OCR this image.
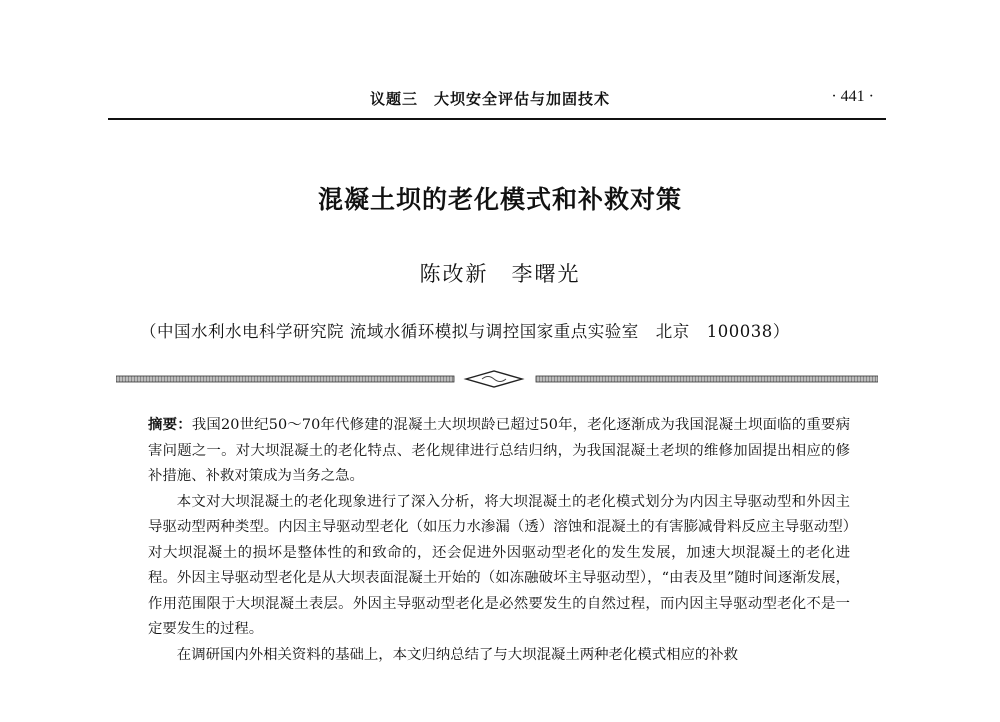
议题三　大坝安全评估与加固技术	· 441 ·
混凝土坝的老化模式和补救对策
陈改新　李曙光
（中国水利水电科学研究院 流域水循环模拟与调控国家重点实验室　北京　100038）

摘要：我国20世纪50～70年代修建的混凝土大坝坝龄已超过50年，老化逐渐成为我国混凝土坝面临的重要病害问题之一。对大坝混凝土的老化特点、老化规律进行总结归纳，为我国混凝土老坝的维修加固提出相应的修补措施、补救对策成为当务之急。

本文对大坝混凝土的老化现象进行了深入分析，将大坝混凝土的老化模式划分为内因主导驱动型和外因主导驱动型两种类型。内因主导驱动型老化（如压力水渗漏（透）溶蚀和混凝土的有害膨减骨料反应主导驱动型）对大坝混凝土的损坏是整体性的和致命的，还会促进外因驱动型老化的发生发展，加速大坝混凝土的老化进程。外因主导驱动型老化是从大坝表面混凝土开始的（如冻融破坏主导驱动型），“由表及里”随时间逐渐发展，作用范围限于大坝混凝土表层。外因主导驱动型老化是必然要发生的自然过程，而内因主导驱动型老化不是一定要发生的过程。

在调研国内外相关资料的基础上，本文归纳总结了与大坝混凝土两种老化模式相应的补救
